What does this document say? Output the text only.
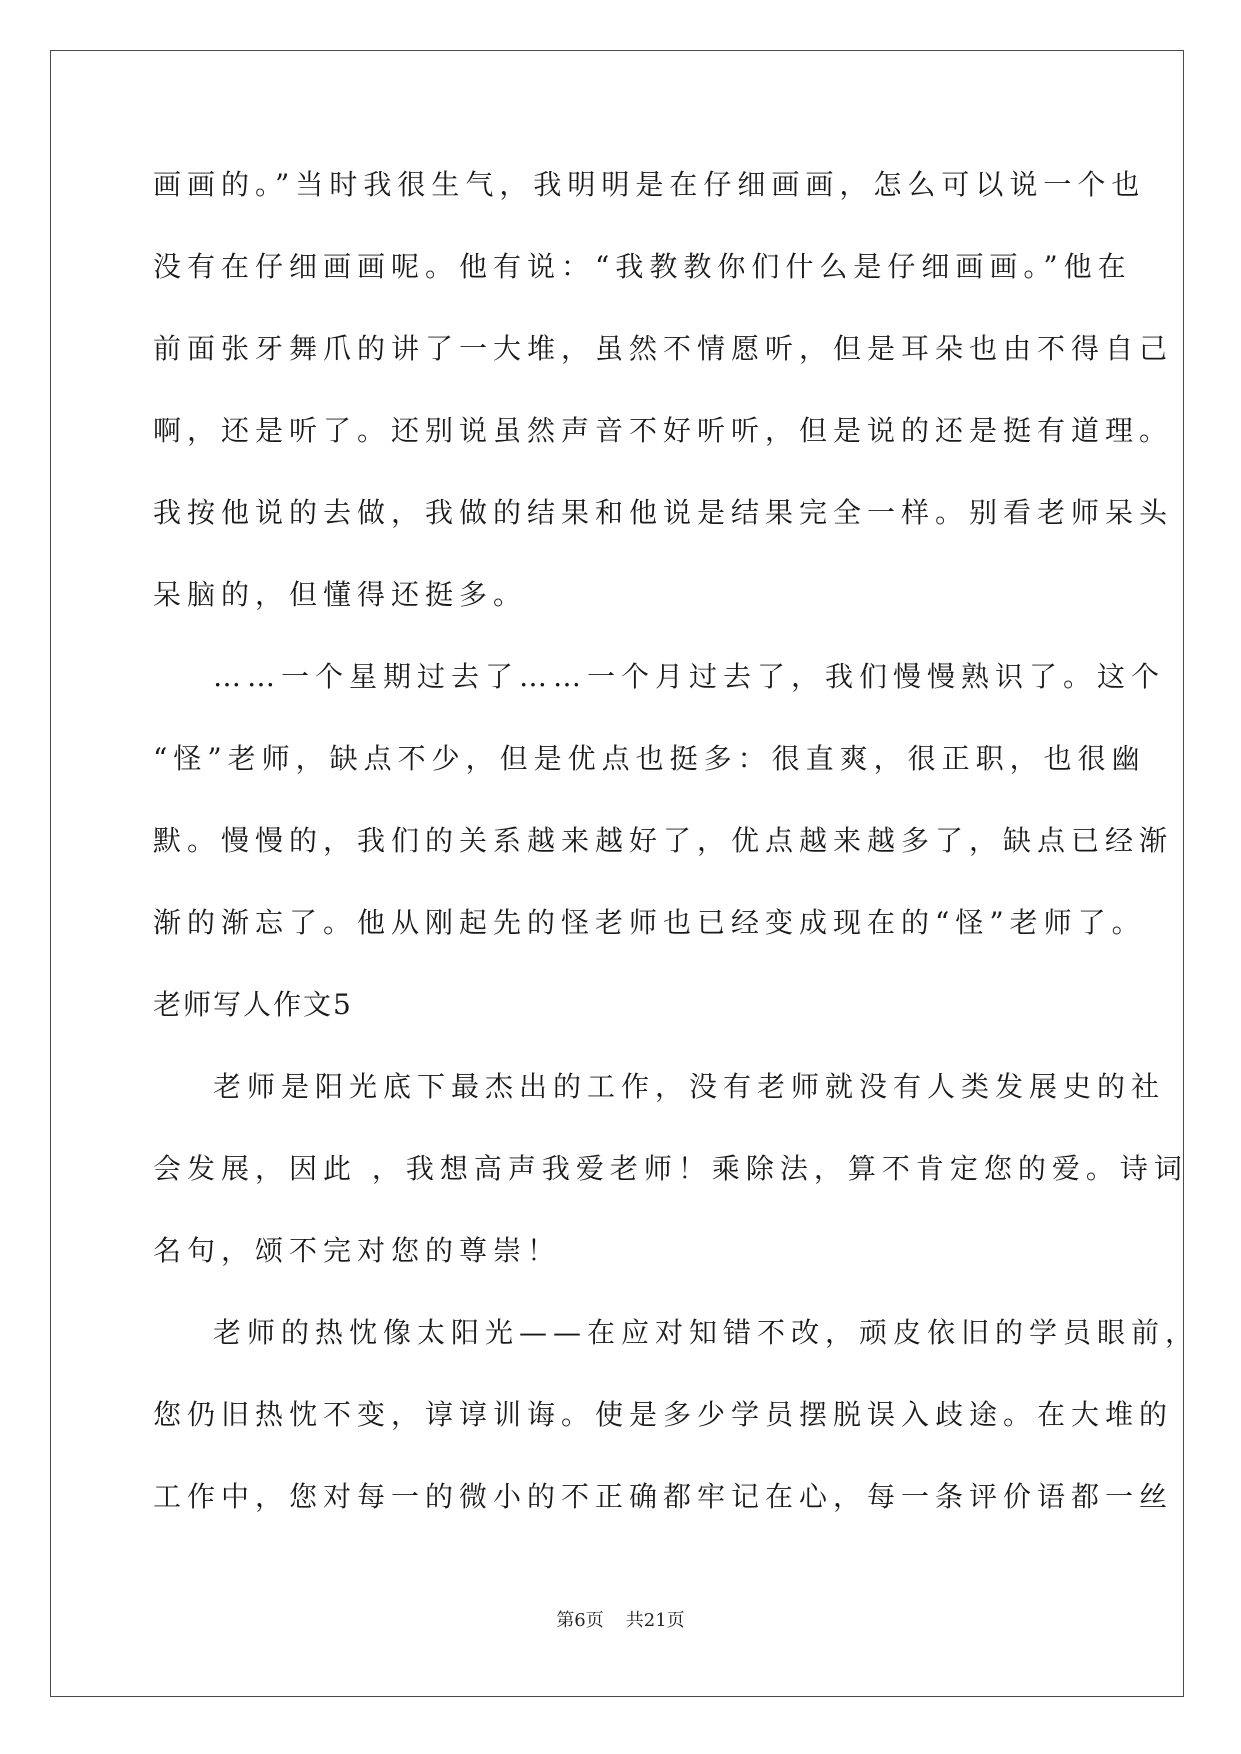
画画的。”当时我很生气，我明明是在仔细画画，怎么可以说一个也
没有在仔细画画呢。他有说：“我教教你们什么是仔细画画。”他在
前面张牙舞爪的讲了一大堆，虽然不情愿听，但是耳朵也由不得自己
啊，还是听了。还别说虽然声音不好听听，但是说的还是挺有道理。
我按他说的去做，我做的结果和他说是结果完全一样。别看老师呆头
呆脑的，但懂得还挺多。
……一个星期过去了……一个月过去了，我们慢慢熟识了。这个
“怪”老师，缺点不少，但是优点也挺多：很直爽，很正职，也很幽
默。慢慢的，我们的关系越来越好了，优点越来越多了，缺点已经渐
渐的渐忘了。他从刚起先的怪老师也已经变成现在的“怪”老师了。
老师写人作文5
老师是阳光底下最杰出的工作，没有老师就没有人类发展史的社
会发展，因此 ，我想高声我爱老师！乘除法，算不肯定您的爱。诗词
名句，颂不完对您的尊崇！
老师的热忱像太阳光——在应对知错不改，顽皮依旧的学员眼前，
您仍旧热忱不变，谆谆训诲。使是多少学员摆脱误入歧途。在大堆的
工作中，您对每一的微小的不正确都牢记在心，每一条评价语都一丝
第6页 共21页
